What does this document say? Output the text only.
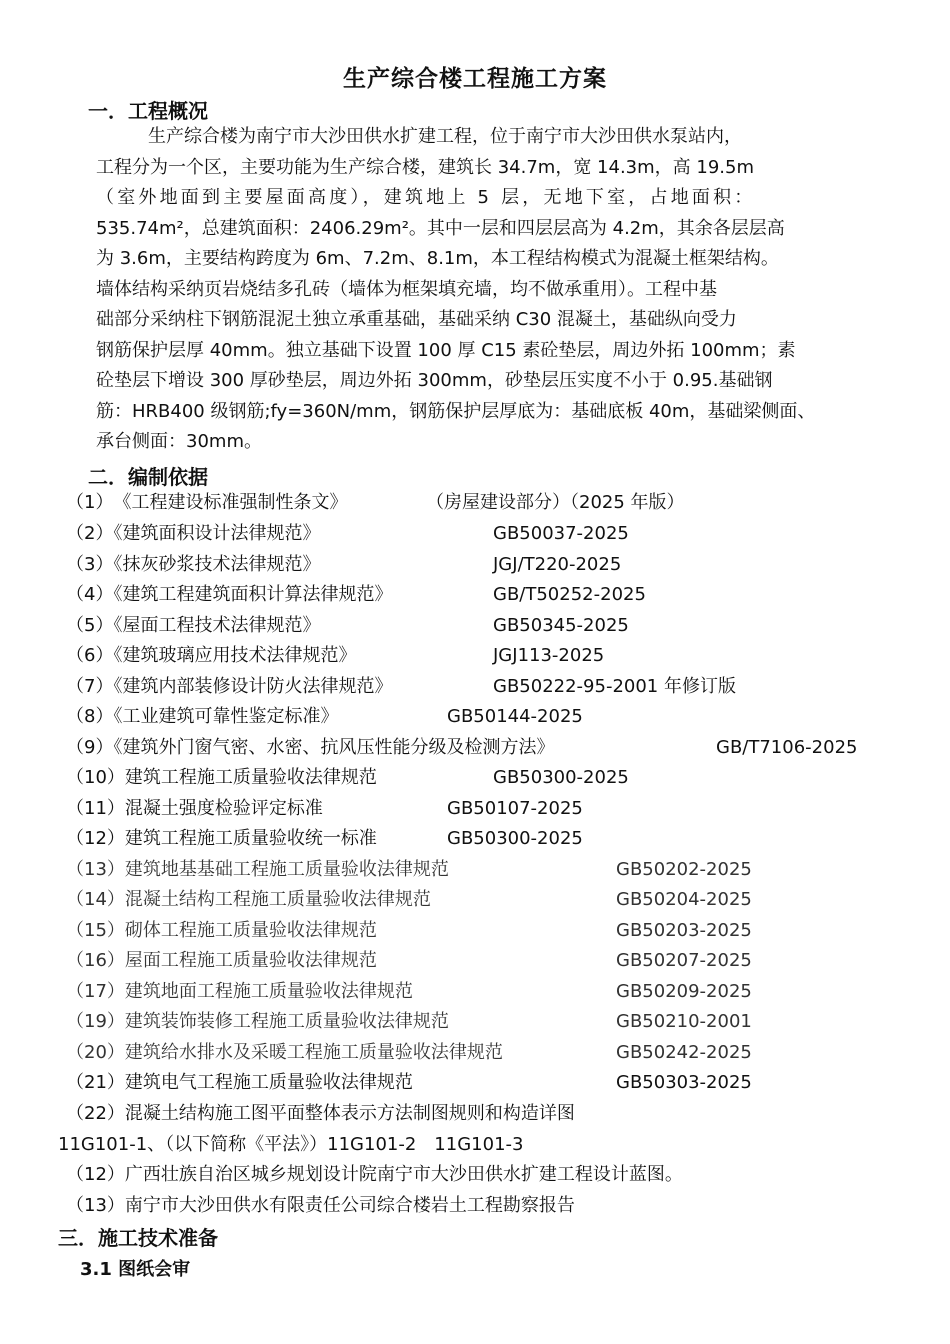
生产综合楼工程施工方案
一．工程概况
生产综合楼为南宁市大沙田供水扩建工程，位于南宁市大沙田供水泵站内，
工程分为一个区，主要功能为生产综合楼，建筑长 34.7m，宽 14.3m，高 19.5m
（室外地面到主要屋面高度），建筑地上 5 层，无地下室，占地面积：
535.74m²，总建筑面积：2406.29m²。其中一层和四层层高为 4.2m，其余各层层高
为 3.6m，主要结构跨度为 6m、7.2m、8.1m，本工程结构模式为混凝土框架结构。
墙体结构采纳页岩烧结多孔砖（墙体为框架填充墙，均不做承重用）。工程中基
础部分采纳柱下钢筋混泥土独立承重基础，基础采纳 C30 混凝土，基础纵向受力
钢筋保护层厚 40mm。独立基础下设置 100 厚 C15 素砼垫层，周边外拓 100mm；素
砼垫层下增设 300 厚砂垫层，周边外拓 300mm，砂垫层压实度不小于 0.95.基础钢
筋：HRB400 级钢筋;fy=360N/mm，钢筋保护层厚底为：基础底板 40m，基础梁侧面、
承台侧面：30mm。
二．编制依据
（1）《工程建设标准强制性条文》	（房屋建设部分）（2025 年版）
（2）《建筑面积设计法律规范》	GB50037-2025
（3）《抹灰砂浆技术法律规范》	JGJ/T220-2025
（4）《建筑工程建筑面积计算法律规范》	GB/T50252-2025
（5）《屋面工程技术法律规范》	GB50345-2025
（6）《建筑玻璃应用技术法律规范》	JGJ113-2025
（7）《建筑内部装修设计防火法律规范》	GB50222-95-2001 年修订版
（8）《工业建筑可靠性鉴定标准》	GB50144-2025
（9）《建筑外门窗气密、水密、抗风压性能分级及检测方法》	GB/T7106-2025
（10）建筑工程施工质量验收法律规范	GB50300-2025
（11）混凝土强度检验评定标准	GB50107-2025
（12）建筑工程施工质量验收统一标准	GB50300-2025
（13）建筑地基基础工程施工质量验收法律规范	GB50202-2025
（14）混凝土结构工程施工质量验收法律规范	GB50204-2025
（15）砌体工程施工质量验收法律规范	GB50203-2025
（16）屋面工程施工质量验收法律规范	GB50207-2025
（17）建筑地面工程施工质量验收法律规范	GB50209-2025
（19）建筑装饰装修工程施工质量验收法律规范	GB50210-2001
（20）建筑给水排水及采暖工程施工质量验收法律规范	GB50242-2025
（21）建筑电气工程施工质量验收法律规范	GB50303-2025
（22）混凝土结构施工图平面整体表示方法制图规则和构造详图
11G101-1、（以下简称《平法》）11G101-2　11G101-3
（12）广西壮族自治区城乡规划设计院南宁市大沙田供水扩建工程设计蓝图。
（13）南宁市大沙田供水有限责任公司综合楼岩土工程勘察报告
三．施工技术准备
3.1 图纸会审
